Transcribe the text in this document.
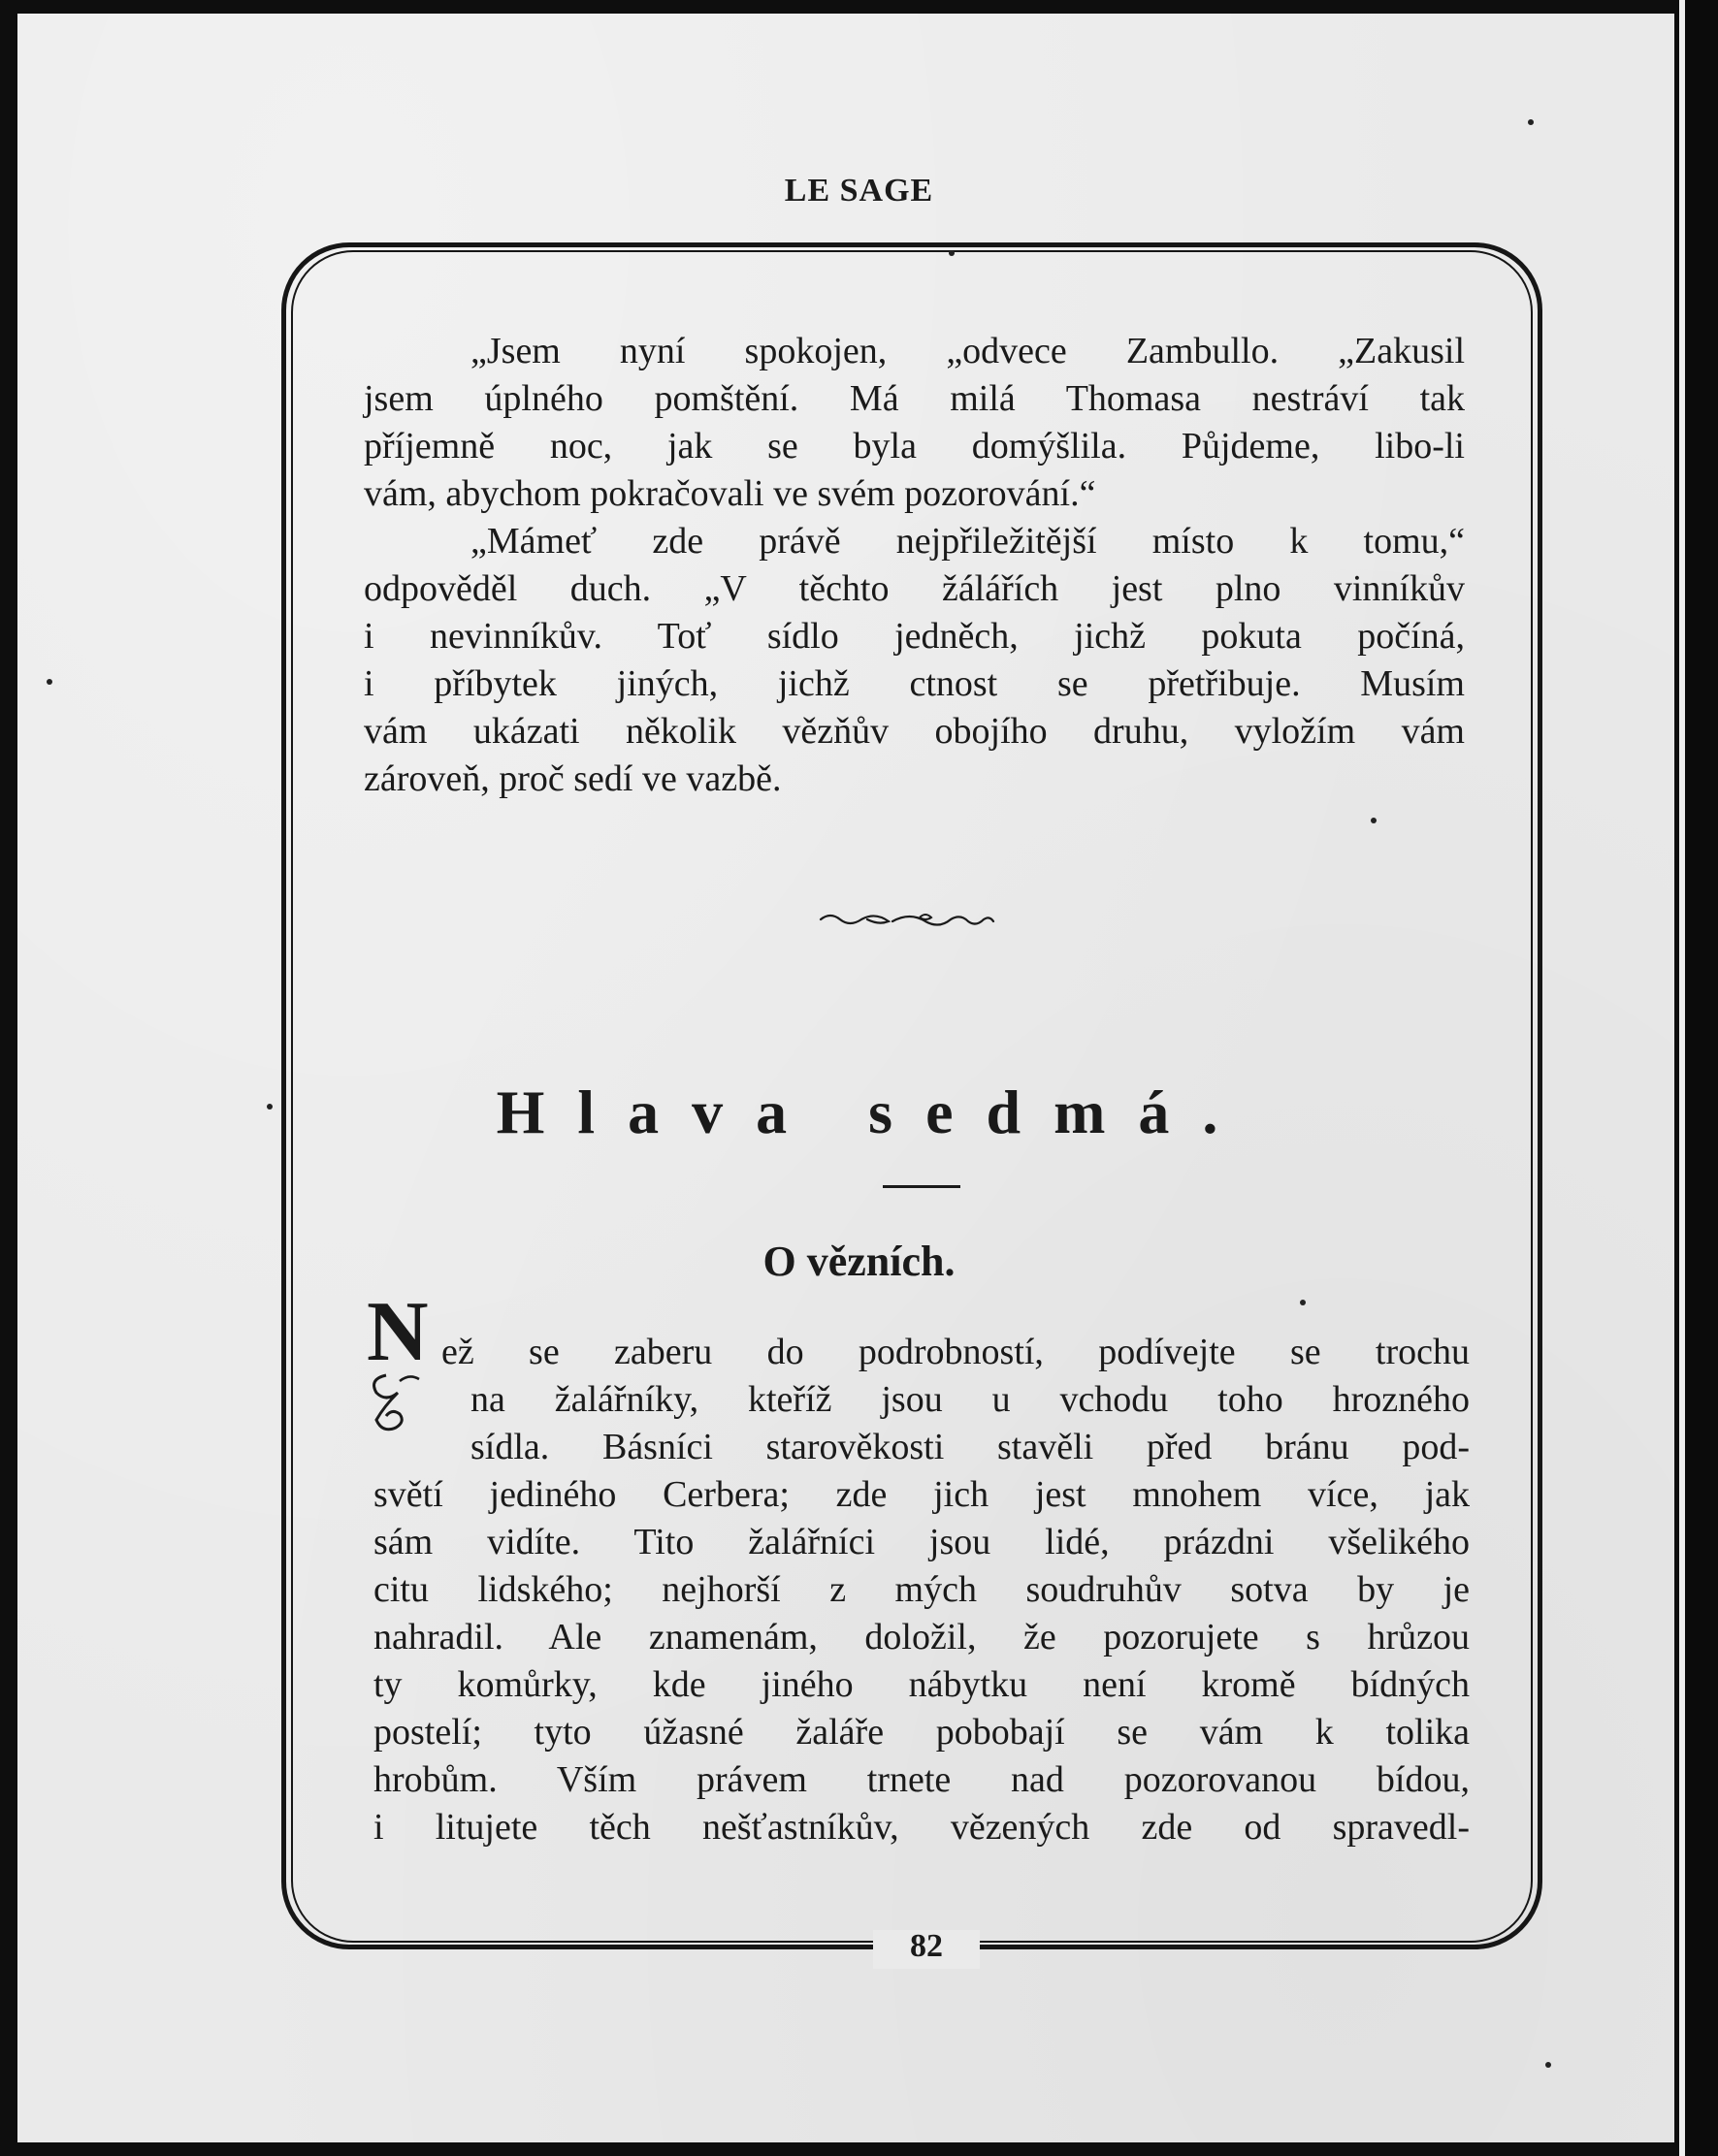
LE SAGE
82
„Jsem nyní spokojen, „odvece Zambullo. „Zakusil
jsem úplného pomštění. Má milá Thomasa nestráví tak
příjemně noc, jak se byla domýšlila. Půjdeme, libo-li
vám, abychom pokračovali ve svém pozorování.“
„Mámeť zde právě nejpřiležitější místo k tomu,“
odpověděl duch. „V těchto žálářích jest plno vinníkův
i nevinníkův. Toť sídlo jedněch, jichž pokuta počíná,
i příbytek jiných, jichž ctnost se přetřibuje. Musím
vám ukázati několik vězňův obojího druhu, vyložím vám
zároveň, proč sedí ve vazbě.
Hlava sedmá.
O vězních.
N ež se zaberu do podrobností, podívejte se trochu
na žalářníky, kteříž jsou u vchodu toho hrozného
sídla. Básníci starověkosti stavěli před bránu pod-
světí jediného Cerbera; zde jich jest mnohem více, jak
sám vidíte. Tito žalářníci jsou lidé, prázdni všelikého
citu lidského; nejhorší z mých soudruhův sotva by je
nahradil. Ale znamenám, doložil, že pozorujete s hrůzou
ty komůrky, kde jiného nábytku není kromě bídných
postelí; tyto úžasné žaláře pobobají se vám k tolika
hrobům. Vším právem trnete nad pozorovanou bídou,
i litujete těch nešťastníkův, vězených zde od spravedl-
